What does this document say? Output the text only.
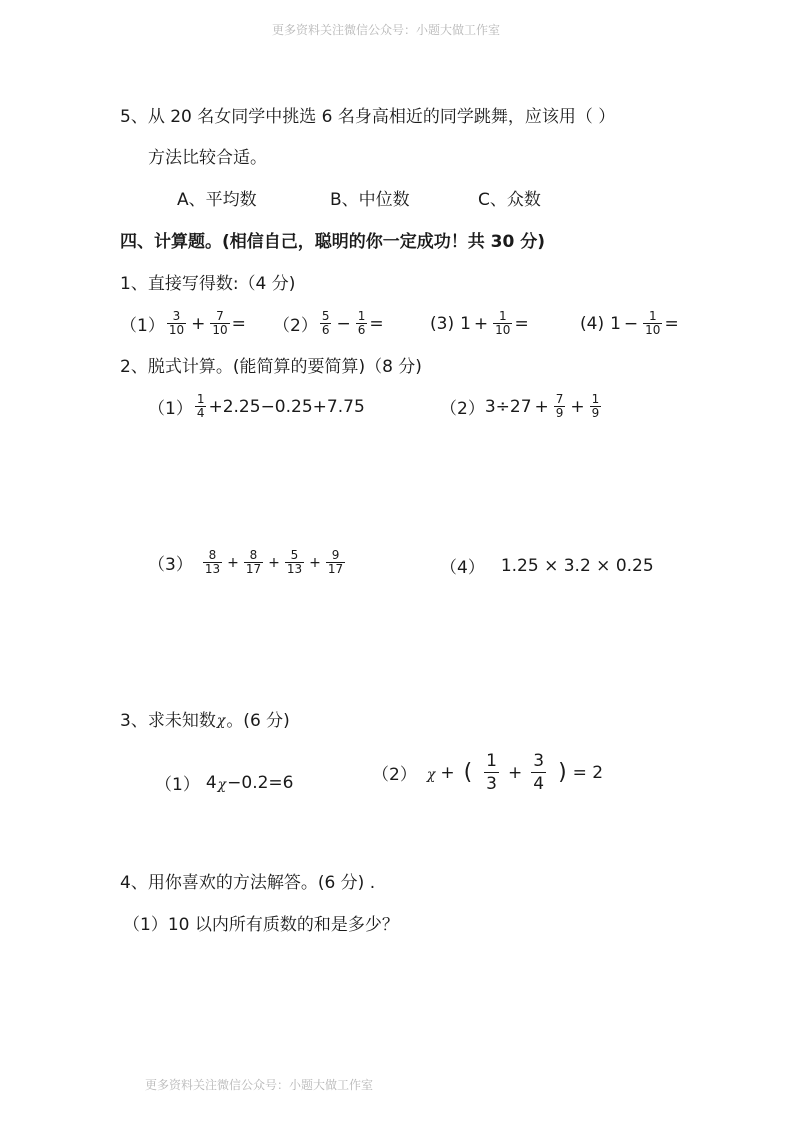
更多资料关注微信公众号：小题大做工作室
5、从 20 名女同学中挑选 6 名身高相近的同学跳舞，应该用（ ）
方法比较合适。
A、平均数	B、中位数	C、众数
四、计算题。(相信自己，聪明的你一定成功！共 30 分)
1、直接写得数:（4 分)
$(1) \frac{3}{10} + \frac{7}{10} = (2) \frac{5}{6} - \frac{1}{6}$ =	(3) $1 + \frac{1}{10}$ =	(4) $1 - \frac{1}{10}$ =
2、脱式计算。(能简算的要简算)（8 分)
$(1) \frac{1}{4} +2.25-0.25+7.75$	（2） $3\div 27 + \frac{7}{9} + \frac{1}{9}$
$(3) \frac{8}{13} + \frac{8}{17} + \frac{5}{13} + \frac{9}{17}$	（4） 1.25 × 3.2 × 0.25
3、求未知数 χ 。(6 分)
（1） 4 χ −0.2=6	（2） χ + ( $\frac{1}{3} + \frac{3}{4}$ ) = 2
4、用你喜欢的方法解答。(6 分) .
（1）10 以内所有质数的和是多少？
更多资料关注微信公众号：小题大做工作室
